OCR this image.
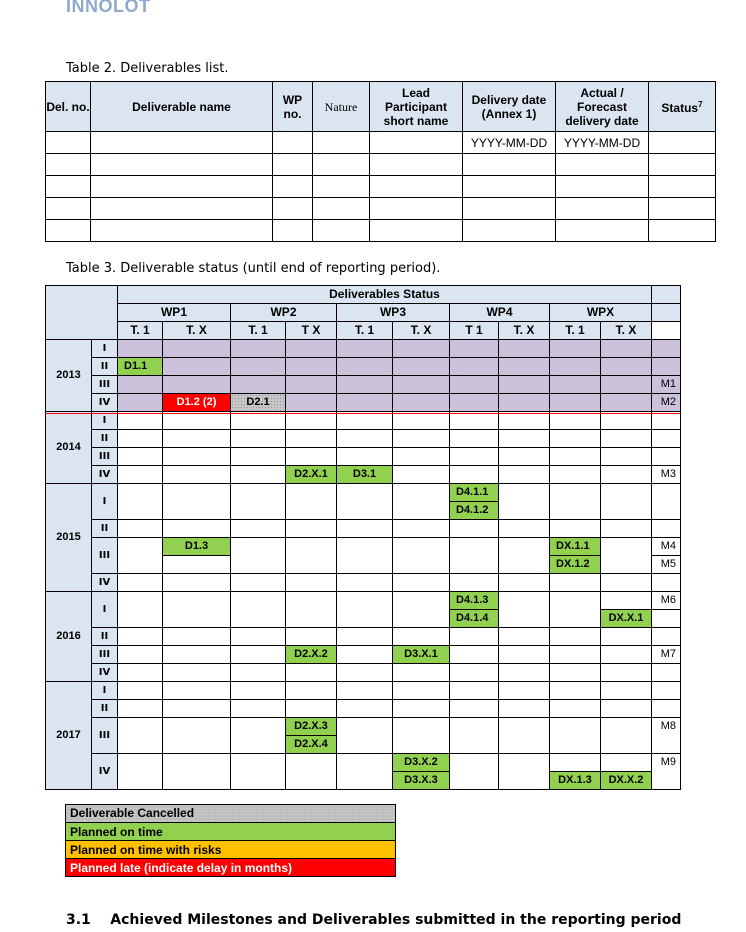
INNOLOT
Table 2. Deliverables list.
Del. no.	Deliverable name	WP no.	Nature	Lead Participant short name	Delivery date (Annex 1)	Actual / Forecast delivery date	Status$^7$
					YYYY-MM-DD	YYYY-MM-DD	

Table 3. Deliverable status (until end of reporting period).
		Deliverables Status										
		WP1		WP2		WP3		WP4		WPX		
		T. 1	T. X	T. 1	T X	T. 1	T. X	T 1	T. X	T. 1	T. X	
2013	I											
	II	D1.1										

	III											M1
	IV		D1.2 (2)	D2.1								M2
2014	I											
	II											
	III											
	IV				D2.X.1	D3.1						M3
2015	I							D4.1.1				

								D4.1.2				

	II											
	III		D1.3							DX.1.1		M4

										DX.1.2		M5
	IV											
2016	I							D4.1.3				M6

								D4.1.4			DX.X.1	

	II											
	III				D2.X.2		D3.X.1					M7
	IV											
2017	I											
	II											
	III				D2.X.3							M8

					D2.X.4							

	IV						D3.X.2					M9

							D3.X.3			DX.1.3	DX.X.2	
Deliverable Cancelled
Planned on time
Planned on time with risks
Planned late (indicate delay in months)
3.1    Achieved Milestones and Deliverables submitted in the reporting period
